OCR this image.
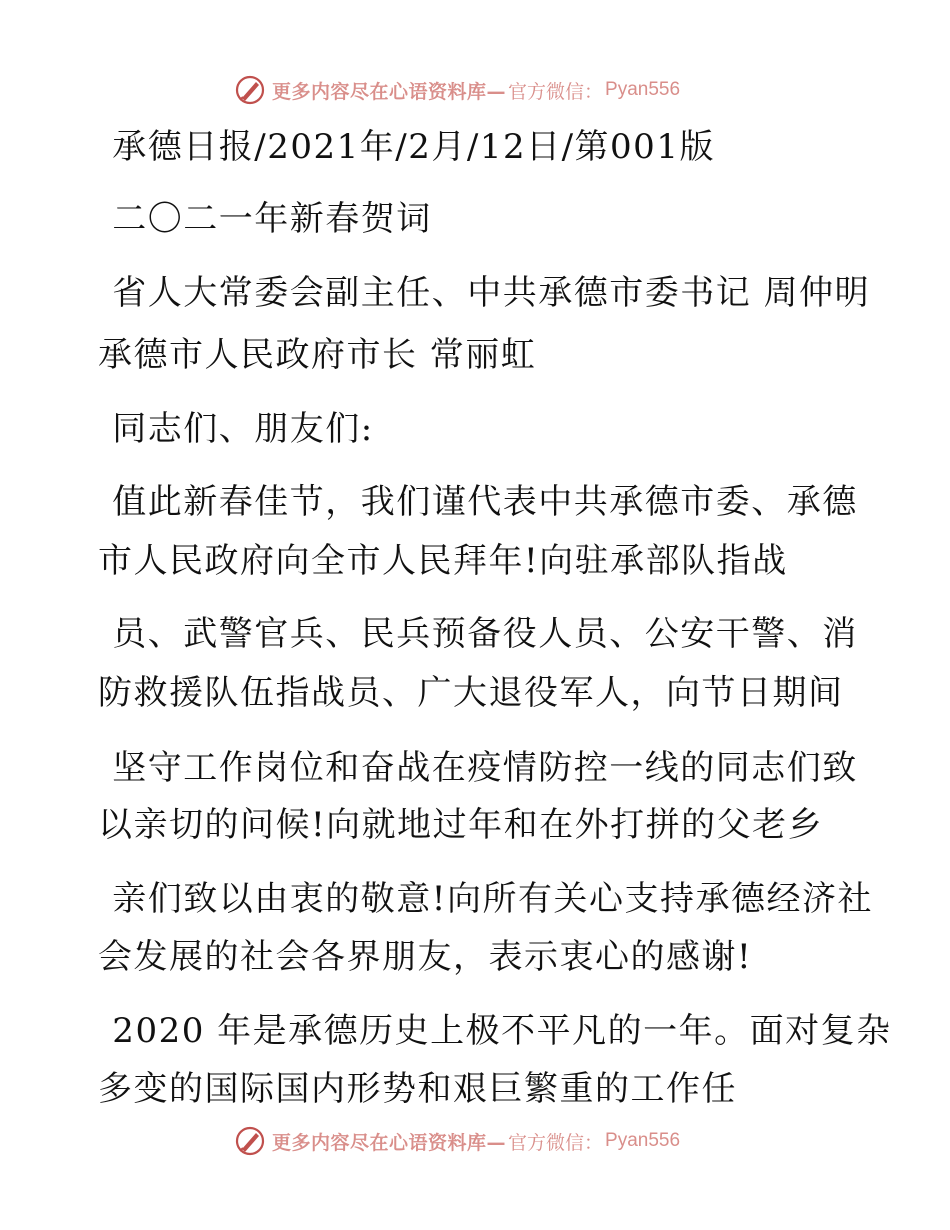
更多内容尽在心语资料库— 官方微信： Pyan556
承德日报/2021年/2月/12日/第001版
二〇二一年新春贺词
省人大常委会副主任、中共承德市委书记 周仲明
承德市人民政府市长 常丽虹
同志们、朋友们:
值此新春佳节，我们谨代表中共承德市委、承德
市人民政府向全市人民拜年!向驻承部队指战
员、武警官兵、民兵预备役人员、公安干警、消
防救援队伍指战员、广大退役军人，向节日期间
坚守工作岗位和奋战在疫情防控一线的同志们致
以亲切的问候!向就地过年和在外打拼的父老乡
亲们致以由衷的敬意!向所有关心支持承德经济社
会发展的社会各界朋友，表示衷心的感谢!
2020 年是承德历史上极不平凡的一年。面对复杂
多变的国际国内形势和艰巨繁重的工作任
更多内容尽在心语资料库— 官方微信： Pyan556
